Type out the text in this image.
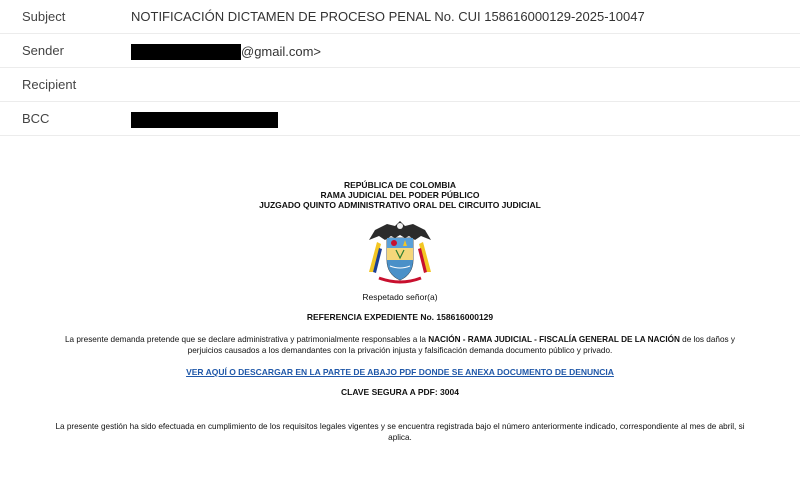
Subject	NOTIFICACIÓN DICTAMEN DE PROCESO PENAL No. CUI 158616000129-2025-10047
Sender	@gmail.com>
Recipient
BCC
REPÚBLICA DE COLOMBIA
RAMA JUDICIAL DEL PODER PÚBLICO
JUZGADO QUINTO ADMINISTRATIVO ORAL DEL CIRCUITO JUDICIAL
Respetado señor(a)
REFERENCIA EXPEDIENTE No. 158616000129
La presente demanda pretende que se declare administrativa y patrimonialmente responsables a la NACIÓN - RAMA JUDICIAL - FISCALÍA GENERAL DE LA NACIÓN de los daños y perjuicios causados a los demandantes con la privación injusta y falsificación demanda documento público y privado.
VER AQUÍ O DESCARGAR EN LA PARTE DE ABAJO PDF DONDE SE ANEXA DOCUMENTO DE DENUNCIA
CLAVE SEGURA A PDF: 3004
La presente gestión ha sido efectuada en cumplimiento de los requisitos legales vigentes y se encuentra registrada bajo el número anteriormente indicado, correspondiente al mes de abril, si aplica.
